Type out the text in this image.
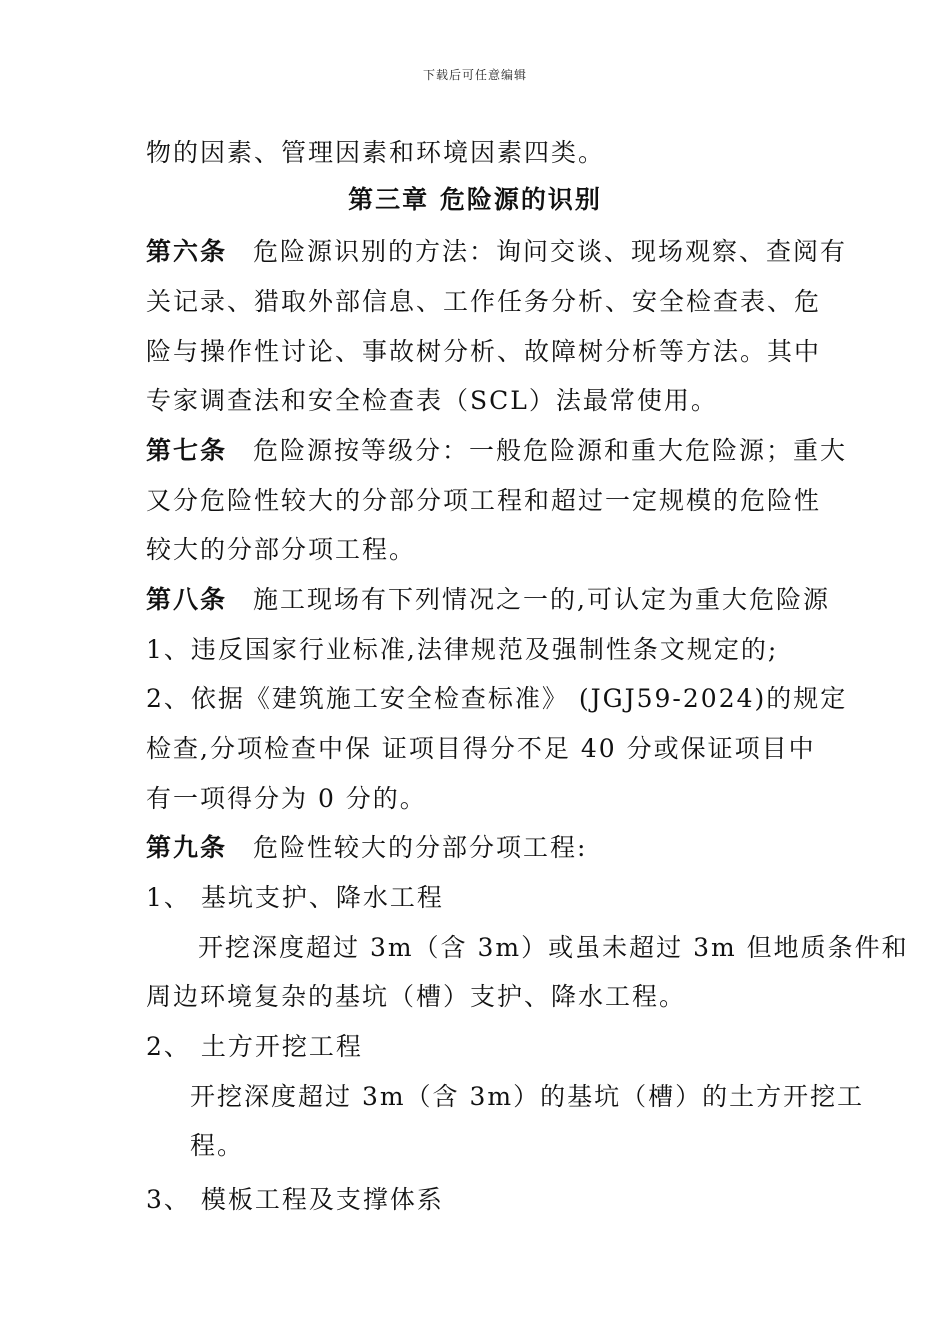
下载后可任意编辑
物的因素、管理因素和环境因素四类。
第三章 危险源的识别
第六条 危险源识别的方法：询问交谈、现场观察、查阅有
关记录、猎取外部信息、工作任务分析、安全检查表、危
险与操作性讨论、事故树分析、故障树分析等方法。其中
专家调查法和安全检查表（SCL）法最常使用。
第七条 危险源按等级分：一般危险源和重大危险源；重大
又分危险性较大的分部分项工程和超过一定规模的危险性
较大的分部分项工程。
第八条 施工现场有下列情况之一的,可认定为重大危险源
1、违反国家行业标准,法律规范及强制性条文规定的;
2、依据《建筑施工安全检查标准》 (JGJ59-2024)的规定
检查,分项检查中保 证项目得分不足 40 分或保证项目中
有一项得分为 0 分的。
第九条 危险性较大的分部分项工程:
1、 基坑支护、降水工程
开挖深度超过 3m（含 3m）或虽未超过 3m 但地质条件和
周边环境复杂的基坑（槽）支护、降水工程。
2、 土方开挖工程
开挖深度超过 3m（含 3m）的基坑（槽）的土方开挖工
程。
3、 模板工程及支撑体系
